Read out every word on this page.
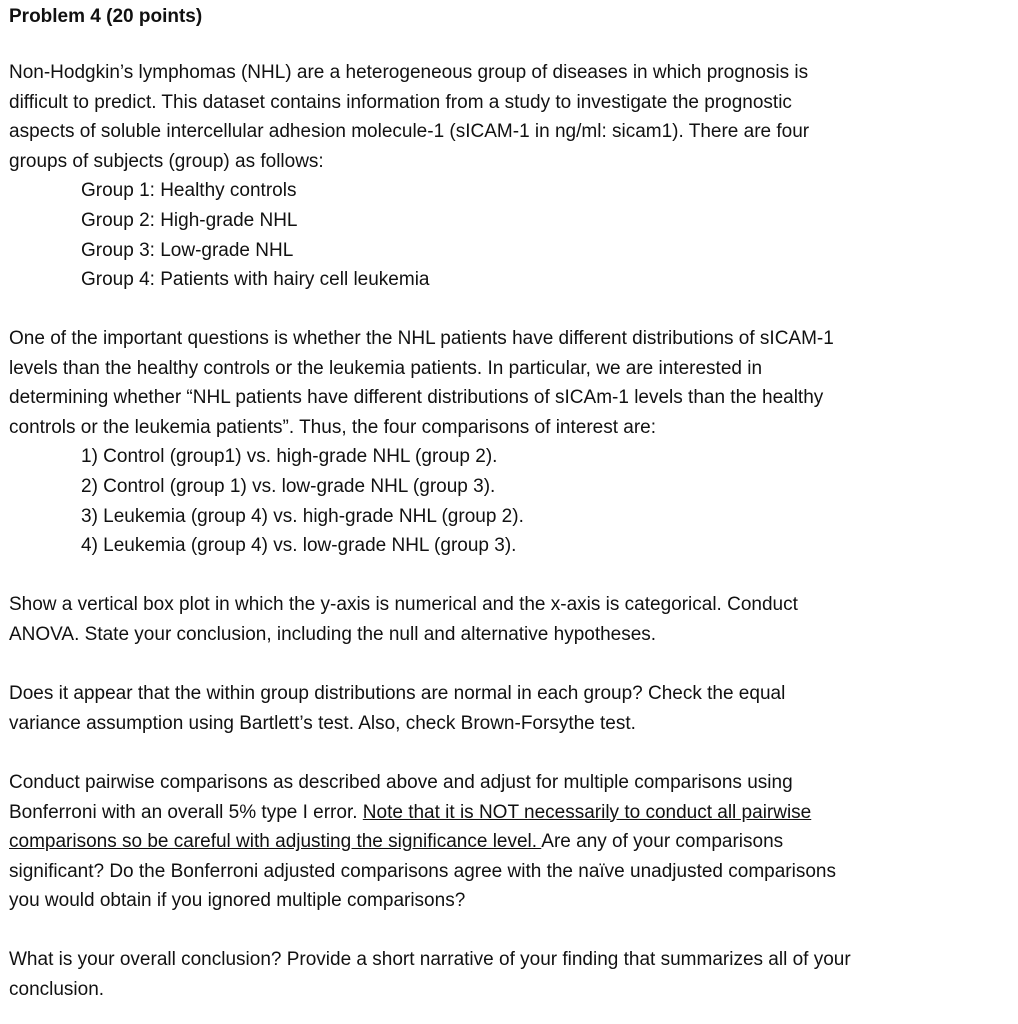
Problem 4 (20 points)
Non-Hodgkin’s lymphomas (NHL) are a heterogeneous group of diseases in which prognosis is
difficult to predict. This dataset contains information from a study to investigate the prognostic
aspects of soluble intercellular adhesion molecule-1 (sICAM-1 in ng/ml: sicam1). There are four
groups of subjects (group) as follows:
Group 1: Healthy controls
Group 2: High-grade NHL
Group 3: Low-grade NHL
Group 4: Patients with hairy cell leukemia
One of the important questions is whether the NHL patients have different distributions of sICAM-1
levels than the healthy controls or the leukemia patients. In particular, we are interested in
determining whether “NHL patients have different distributions of sICAm-1 levels than the healthy
controls or the leukemia patients”. Thus, the four comparisons of interest are:
1) Control (group1) vs. high-grade NHL (group 2).
2) Control (group 1) vs. low-grade NHL (group 3).
3) Leukemia (group 4) vs. high-grade NHL (group 2).
4) Leukemia (group 4) vs. low-grade NHL (group 3).
Show a vertical box plot in which the y-axis is numerical and the x-axis is categorical. Conduct
ANOVA. State your conclusion, including the null and alternative hypotheses.
Does it appear that the within group distributions are normal in each group? Check the equal
variance assumption using Bartlett’s test. Also, check Brown-Forsythe test.
Conduct pairwise comparisons as described above and adjust for multiple comparisons using
Bonferroni with an overall 5% type I error. Note that it is NOT necessarily to conduct all pairwise
comparisons so be careful with adjusting the significance level. Are any of your comparisons
significant? Do the Bonferroni adjusted comparisons agree with the naïve unadjusted comparisons
you would obtain if you ignored multiple comparisons?
What is your overall conclusion? Provide a short narrative of your finding that summarizes all of your
conclusion.
